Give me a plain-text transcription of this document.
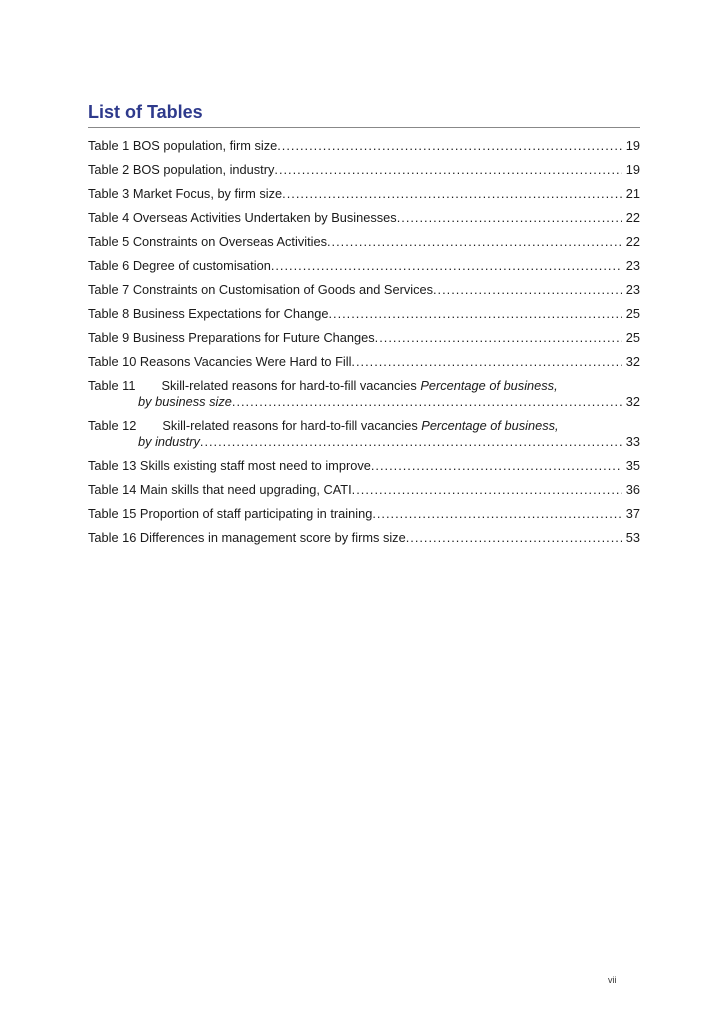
List of Tables
Table 1 BOS population, firm size .....	19
Table 2 BOS population, industry .....	19
Table 3 Market Focus, by firm size .....	21
Table 4 Overseas Activities Undertaken by Businesses .....	22
Table 5 Constraints on Overseas Activities .....	22
Table 6 Degree of customisation .....	23
Table 7 Constraints on Customisation of Goods and Services .....	23
Table 8 Business Expectations for Change .....	25
Table 9 Business Preparations for Future Changes .....	25
Table 10 Reasons Vacancies Were Hard to Fill .....	32
Table 11 Skill-related reasons for hard-to-fill vacancies Percentage of business,
by business size .....	32
Table 12 Skill-related reasons for hard-to-fill vacancies Percentage of business,
by industry .....	33
Table 13 Skills existing staff most need to improve .....	35
Table 14 Main skills that need upgrading, CATI .....	36
Table 15 Proportion of staff participating in training .....	37
Table 16 Differences in management score by firms size .....	53
vii
